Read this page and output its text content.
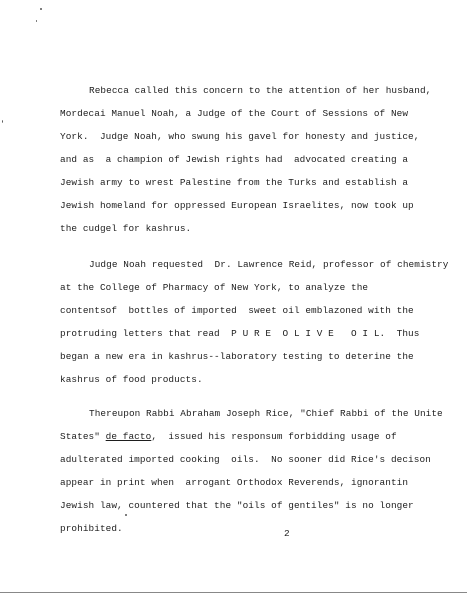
Rebecca called this concern to the attention of her husband,
Mordecai Manuel Noah, a Judge of the Court of Sessions of New
York.  Judge Noah, who swung his gavel for honesty and justice,
and as  a champion of Jewish rights had  advocated creating a
Jewish army to wrest Palestine from the Turks and establish a
Jewish homeland for oppressed European Israelites, now took up
the cudgel for kashrus.
Judge Noah requested  Dr. Lawrence Reid, professor of chemistry
at the College of Pharmacy of New York, to analyze the
contentsof  bottles of imported  sweet oil emblazoned with the
protruding letters that read  P U R E  O L I V E   O I L.  Thus
began a new era in kashrus--laboratory testing to deterine the
kashrus of food products.
Thereupon Rabbi Abraham Joseph Rice, "Chief Rabbi of the Unite
States" de facto,  issued his responsum forbidding usage of
adulterated imported cooking  oils.  No sooner did Rice's decison
appear in print when  arrogant Orthodox Reverends, ignorantin
Jewish law, countered that the "oils of gentiles" is no longer
prohibited.	2
